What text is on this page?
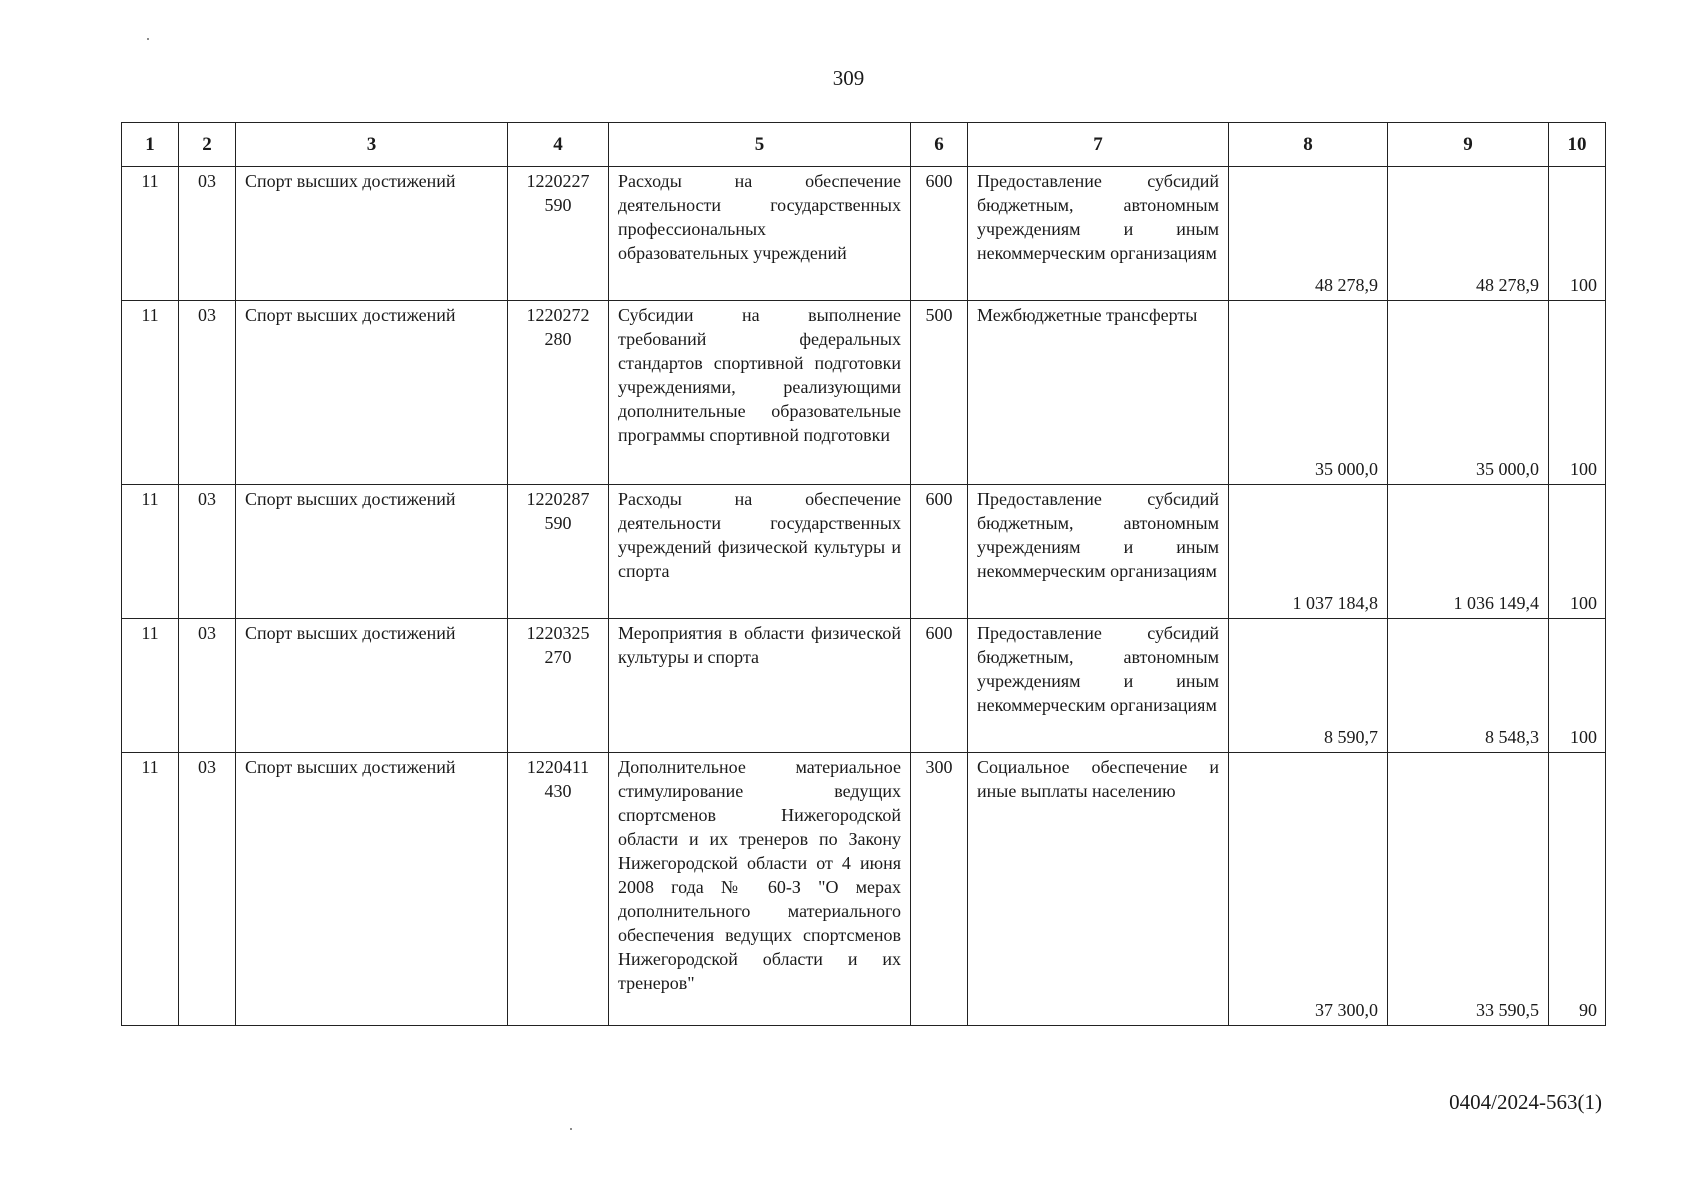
309
1	2	3	4	5	6	7	8	9	10
11	03	Спорт высших достижений	1220227 590	Расходы на обеспечение деятельности государственных профессиональных образовательных учреждений	600	Предоставление субсидий бюджетным, автономным учреждениям и иным некоммерческим организациям	48 278,9	48 278,9	100
11	03	Спорт высших достижений	1220272 280	Субсидии на выполнение требований федеральных стандартов спортивной подготовки учреждениями, реализующими дополнительные образовательные программы спортивной подготовки	500	Межбюджетные трансферты	35 000,0	35 000,0	100
11	03	Спорт высших достижений	1220287 590	Расходы на обеспечение деятельности государственных учреждений физической культуры и спорта	600	Предоставление субсидий бюджетным, автономным учреждениям и иным некоммерческим организациям	1 037 184,8	1 036 149,4	100
11	03	Спорт высших достижений	1220325 270	Мероприятия в области физической культуры и спорта	600	Предоставление субсидий бюджетным, автономным учреждениям и иным некоммерческим организациям	8 590,7	8 548,3	100
11	03	Спорт высших достижений	1220411 430	Дополнительное материальное стимулирование ведущих спортсменов Нижегородской области и их тренеров по Закону Нижегородской области от 4 июня 2008 года № 60-З "О мерах дополнительного материального обеспечения ведущих спортсменов Нижегородской области и их тренеров"	300	Социальное обеспечение и иные выплаты населению	37 300,0	33 590,5	90
0404/2024-563(1)
